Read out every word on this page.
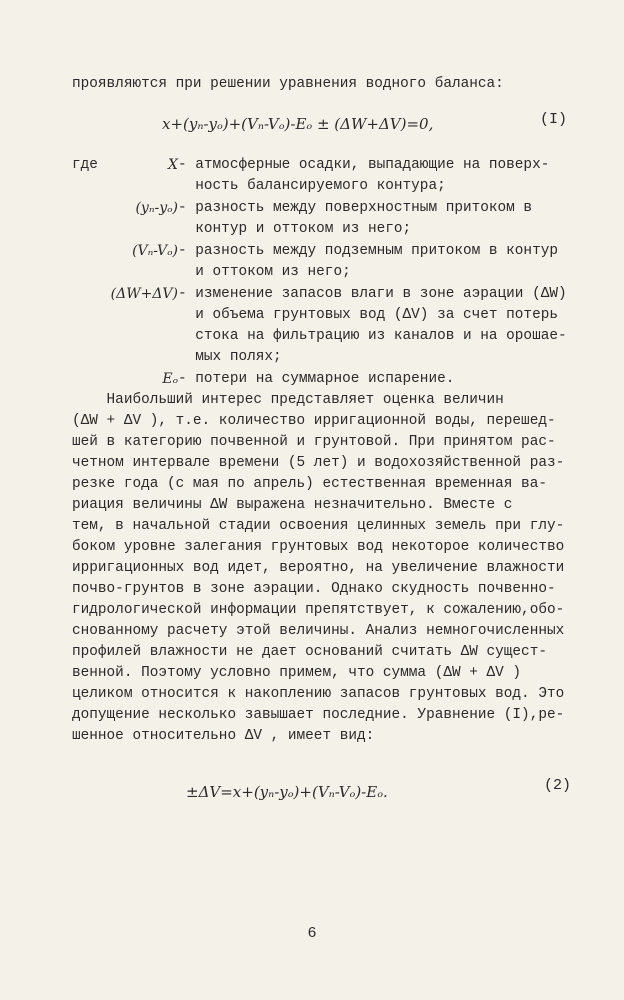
проявляются при решении уравнения водного баланса:
x+(yₙ-yₒ)+(Vₙ-Vₒ)-Eₒ ± (ΔW+ΔV)=0,	(I)
где	X - атмосферные осадки, выпадающие на поверх-
ность балансируемого контура;
(yₙ-yₒ) - разность между поверхностным притоком в
контур и оттоком из него;
(Vₙ-Vₒ) - разность между подземным притоком в контур
и оттоком из него;
(ΔW+ΔV) - изменение запасов влаги в зоне аэрации (ΔW)
и объема грунтовых вод (ΔV) за счет потерь
стока на фильтрацию из каналов и на орошае-
мых полях;
Eₒ - потери на суммарное испарение.
Наибольший интерес представляет оценка величин
(ΔW + ΔV ), т.е. количество ирригационной воды, перешед-
шей в категорию почвенной и грунтовой. При принятом рас-
четном интервале времени (5 лет) и водохозяйственной раз-
резке года (с мая по апрель) естественная временная ва-
риация величины ΔW выражена незначительно. Вместе с
тем, в начальной стадии освоения целинных земель при глу-
боком уровне залегания грунтовых вод некоторое количество
ирригационных вод идет, вероятно, на увеличение влажности
почво-грунтов в зоне аэрации. Однако скудность почвенно-
гидрологической информации препятствует, к сожалению,обо-
снованному расчету этой величины. Анализ немногочисленных
профилей влажности не дает оснований считать ΔW сущест-
венной. Поэтому условно примем, что сумма (ΔW + ΔV )
целиком относится к накоплению запасов грунтовых вод. Это
допущение несколько завышает последние. Уравнение (I),ре-
шенное относительно ΔV , имеет вид:
±ΔV=x+(yₙ-yₒ)+(Vₙ-Vₒ)-Eₒ.	(2)
6
